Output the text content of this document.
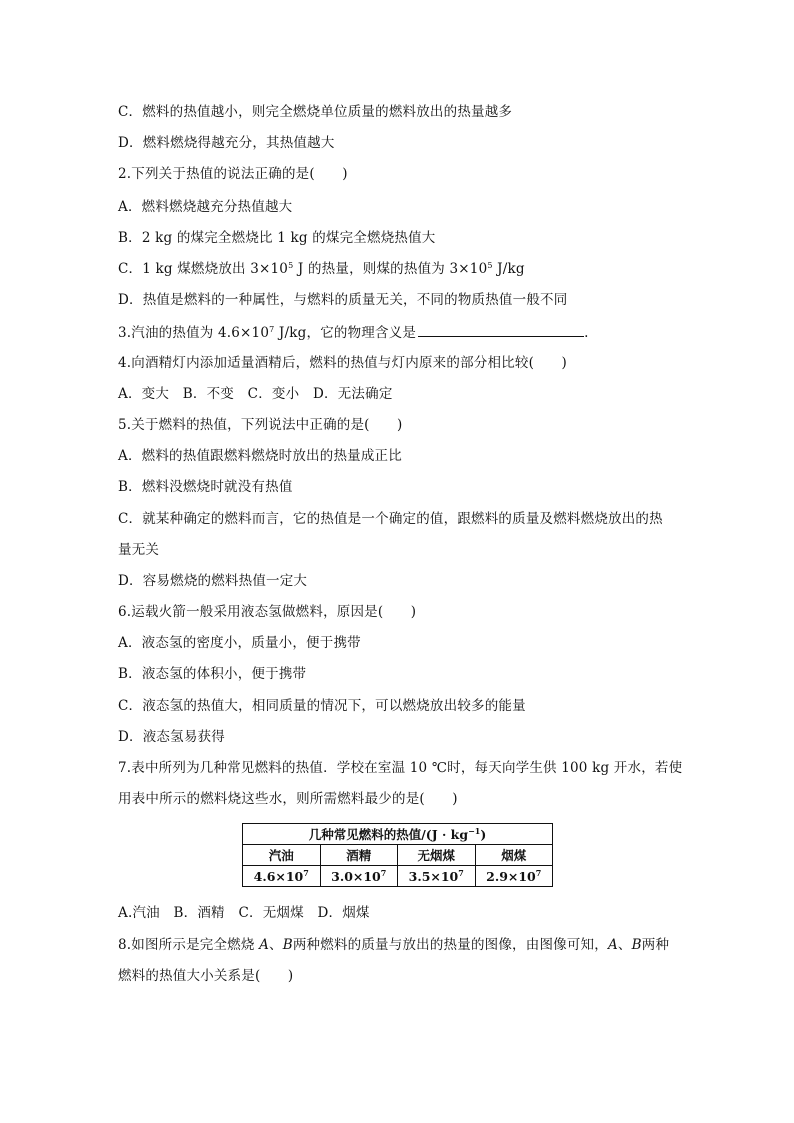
C．燃料的热值越小，则完全燃烧单位质量的燃料放出的热量越多
D．燃料燃烧得越充分，其热值越大
2.下列关于热值的说法正确的是(　　)
A．燃料燃烧越充分热值越大
B．2 kg 的煤完全燃烧比 1 kg 的煤完全燃烧热值大
C．1 kg 煤燃烧放出 $3\times 10^5$ J 的热量，则煤的热值为 $3\times 10^5$ J/kg
D．热值是燃料的一种属性，与燃料的质量无关，不同的物质热值一般不同
3.汽油的热值为 $4.6\times 10^7$ J/kg，它的物理含义是	.
4.向酒精灯内添加适量酒精后，燃料的热值与灯内原来的部分相比较(　　)
A．变大　B．不变　C．变小　D．无法确定
5.关于燃料的热值，下列说法中正确的是(　　)
A．燃料的热值跟燃料燃烧时放出的热量成正比
B．燃料没燃烧时就没有热值
C．就某种确定的燃料而言，它的热值是一个确定的值，跟燃料的质量及燃料燃烧放出的热
量无关
D．容易燃烧的燃料热值一定大
6.运载火箭一般采用液态氢做燃料，原因是(　　)
A．液态氢的密度小，质量小，便于携带
B．液态氢的体积小，便于携带
C．液态氢的热值大，相同质量的情况下，可以燃烧放出较多的能量
D．液态氢易获得
7.表中所列为几种常见燃料的热值．学校在室温 10 ℃时，每天向学生供 100 kg 开水，若使
用表中所示的燃料烧这些水，则所需燃料最少的是(　　)
几种常见燃料的热值$/(J \cdot kg^{-1})$			
汽油	酒精	无烟煤	烟煤
$4.6\times 10^7$	$3.0\times 10^7$	$3.5\times 10^7$	$2.9\times 10^7$
A.汽油　B．酒精　C．无烟煤　D．烟煤
8.如图所示是完全燃烧 A、B两种燃料的质量与放出的热量的图像，由图像可知，A、B两种
燃料的热值大小关系是(　　)
